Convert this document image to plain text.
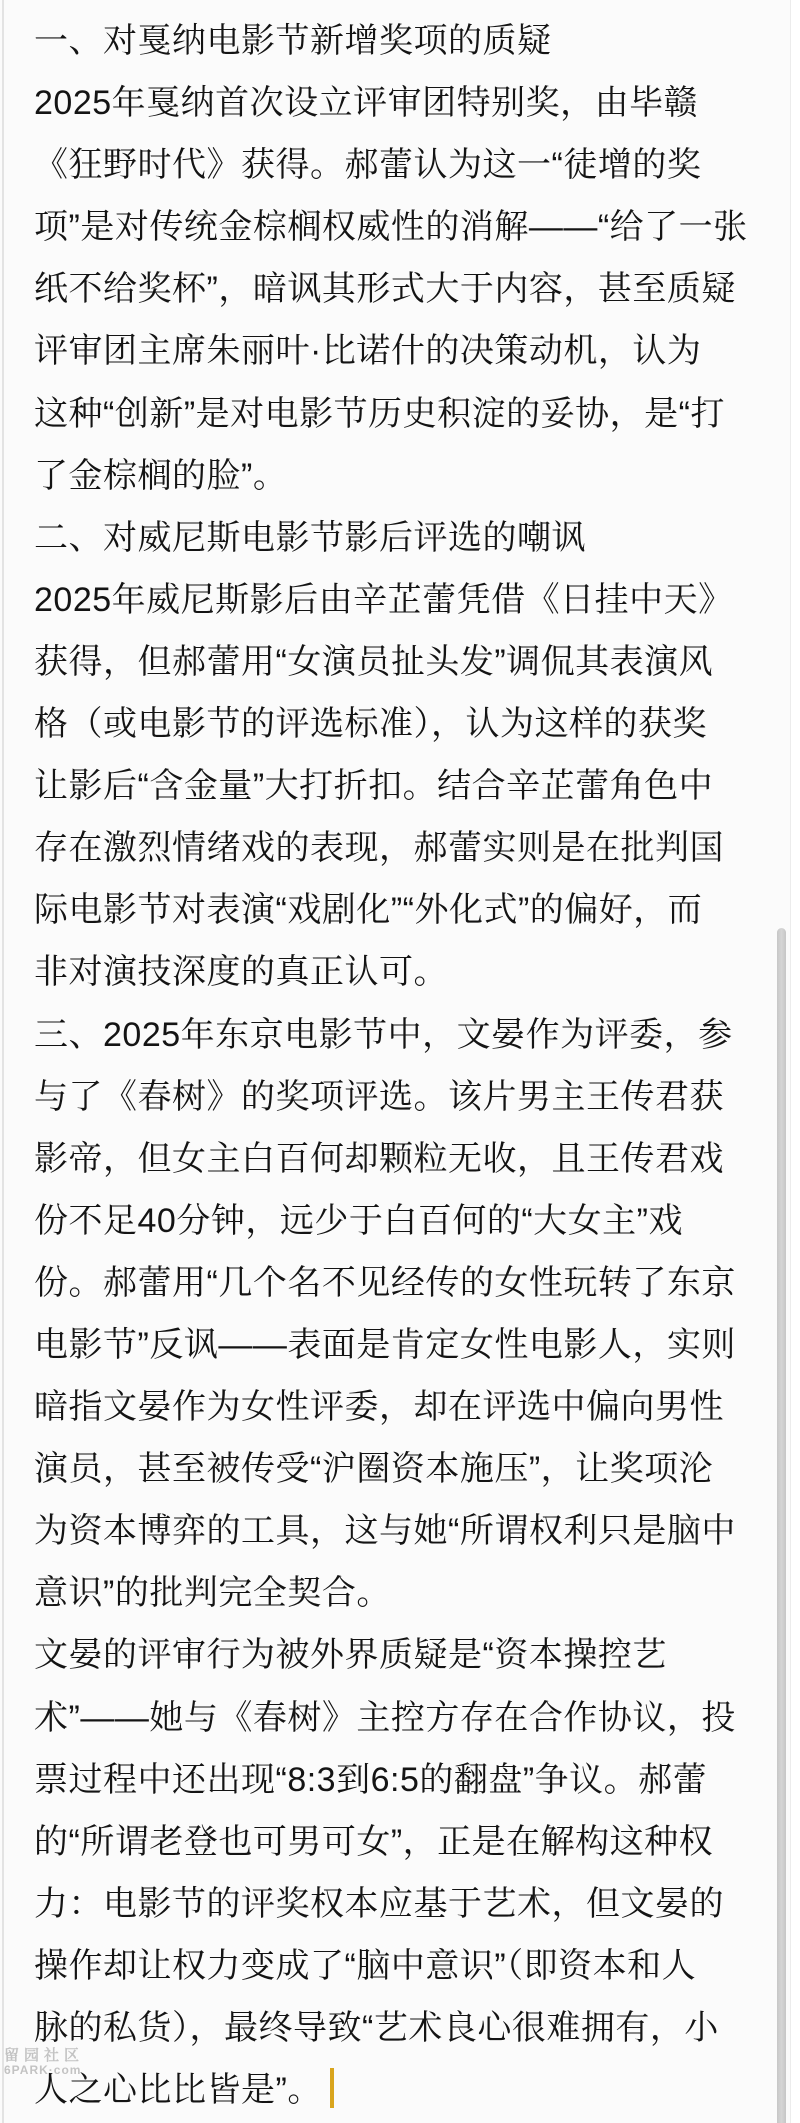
一、对戛纳电影节新增奖项的质疑
2025年戛纳首次设立评审团特别奖，由毕赣
《狂野时代》获得。郝蕾认为这一“徒增的奖
项”是对传统金棕榈权威性的消解——“给了一张
纸不给奖杯”，暗讽其形式大于内容，甚至质疑
评审团主席朱丽叶·比诺什的决策动机，认为
这种“创新”是对电影节历史积淀的妥协，是“打
了金棕榈的脸”。
二、对威尼斯电影节影后评选的嘲讽
2025年威尼斯影后由辛芷蕾凭借《日挂中天》
获得，但郝蕾用“女演员扯头发”调侃其表演风
格（或电影节的评选标准），认为这样的获奖
让影后“含金量”大打折扣。结合辛芷蕾角色中
存在激烈情绪戏的表现，郝蕾实则是在批判国
际电影节对表演“戏剧化”“外化式”的偏好，而
非对演技深度的真正认可。
三、2025年东京电影节中，文晏作为评委，参
与了《春树》的奖项评选。该片男主王传君获
影帝，但女主白百何却颗粒无收，且王传君戏
份不足40分钟，远少于白百何的“大女主”戏
份。郝蕾用“几个名不见经传的女性玩转了东京
电影节”反讽——表面是肯定女性电影人，实则
暗指文晏作为女性评委，却在评选中偏向男性
演员，甚至被传受“沪圈资本施压”，让奖项沦
为资本博弈的工具，这与她“所谓权利只是脑中
意识”的批判完全契合。
文晏的评审行为被外界质疑是“资本操控艺
术”——她与《春树》主控方存在合作协议，投
票过程中还出现“8:3到6:5的翻盘”争议。郝蕾
的“所谓老登也可男可女”，正是在解构这种权
力：电影节的评奖权本应基于艺术，但文晏的
操作却让权力变成了“脑中意识”（即资本和人
脉的私货），最终导致“艺术良心很难拥有，小
人之心比比皆是”。
留园社区
6PARK·com
